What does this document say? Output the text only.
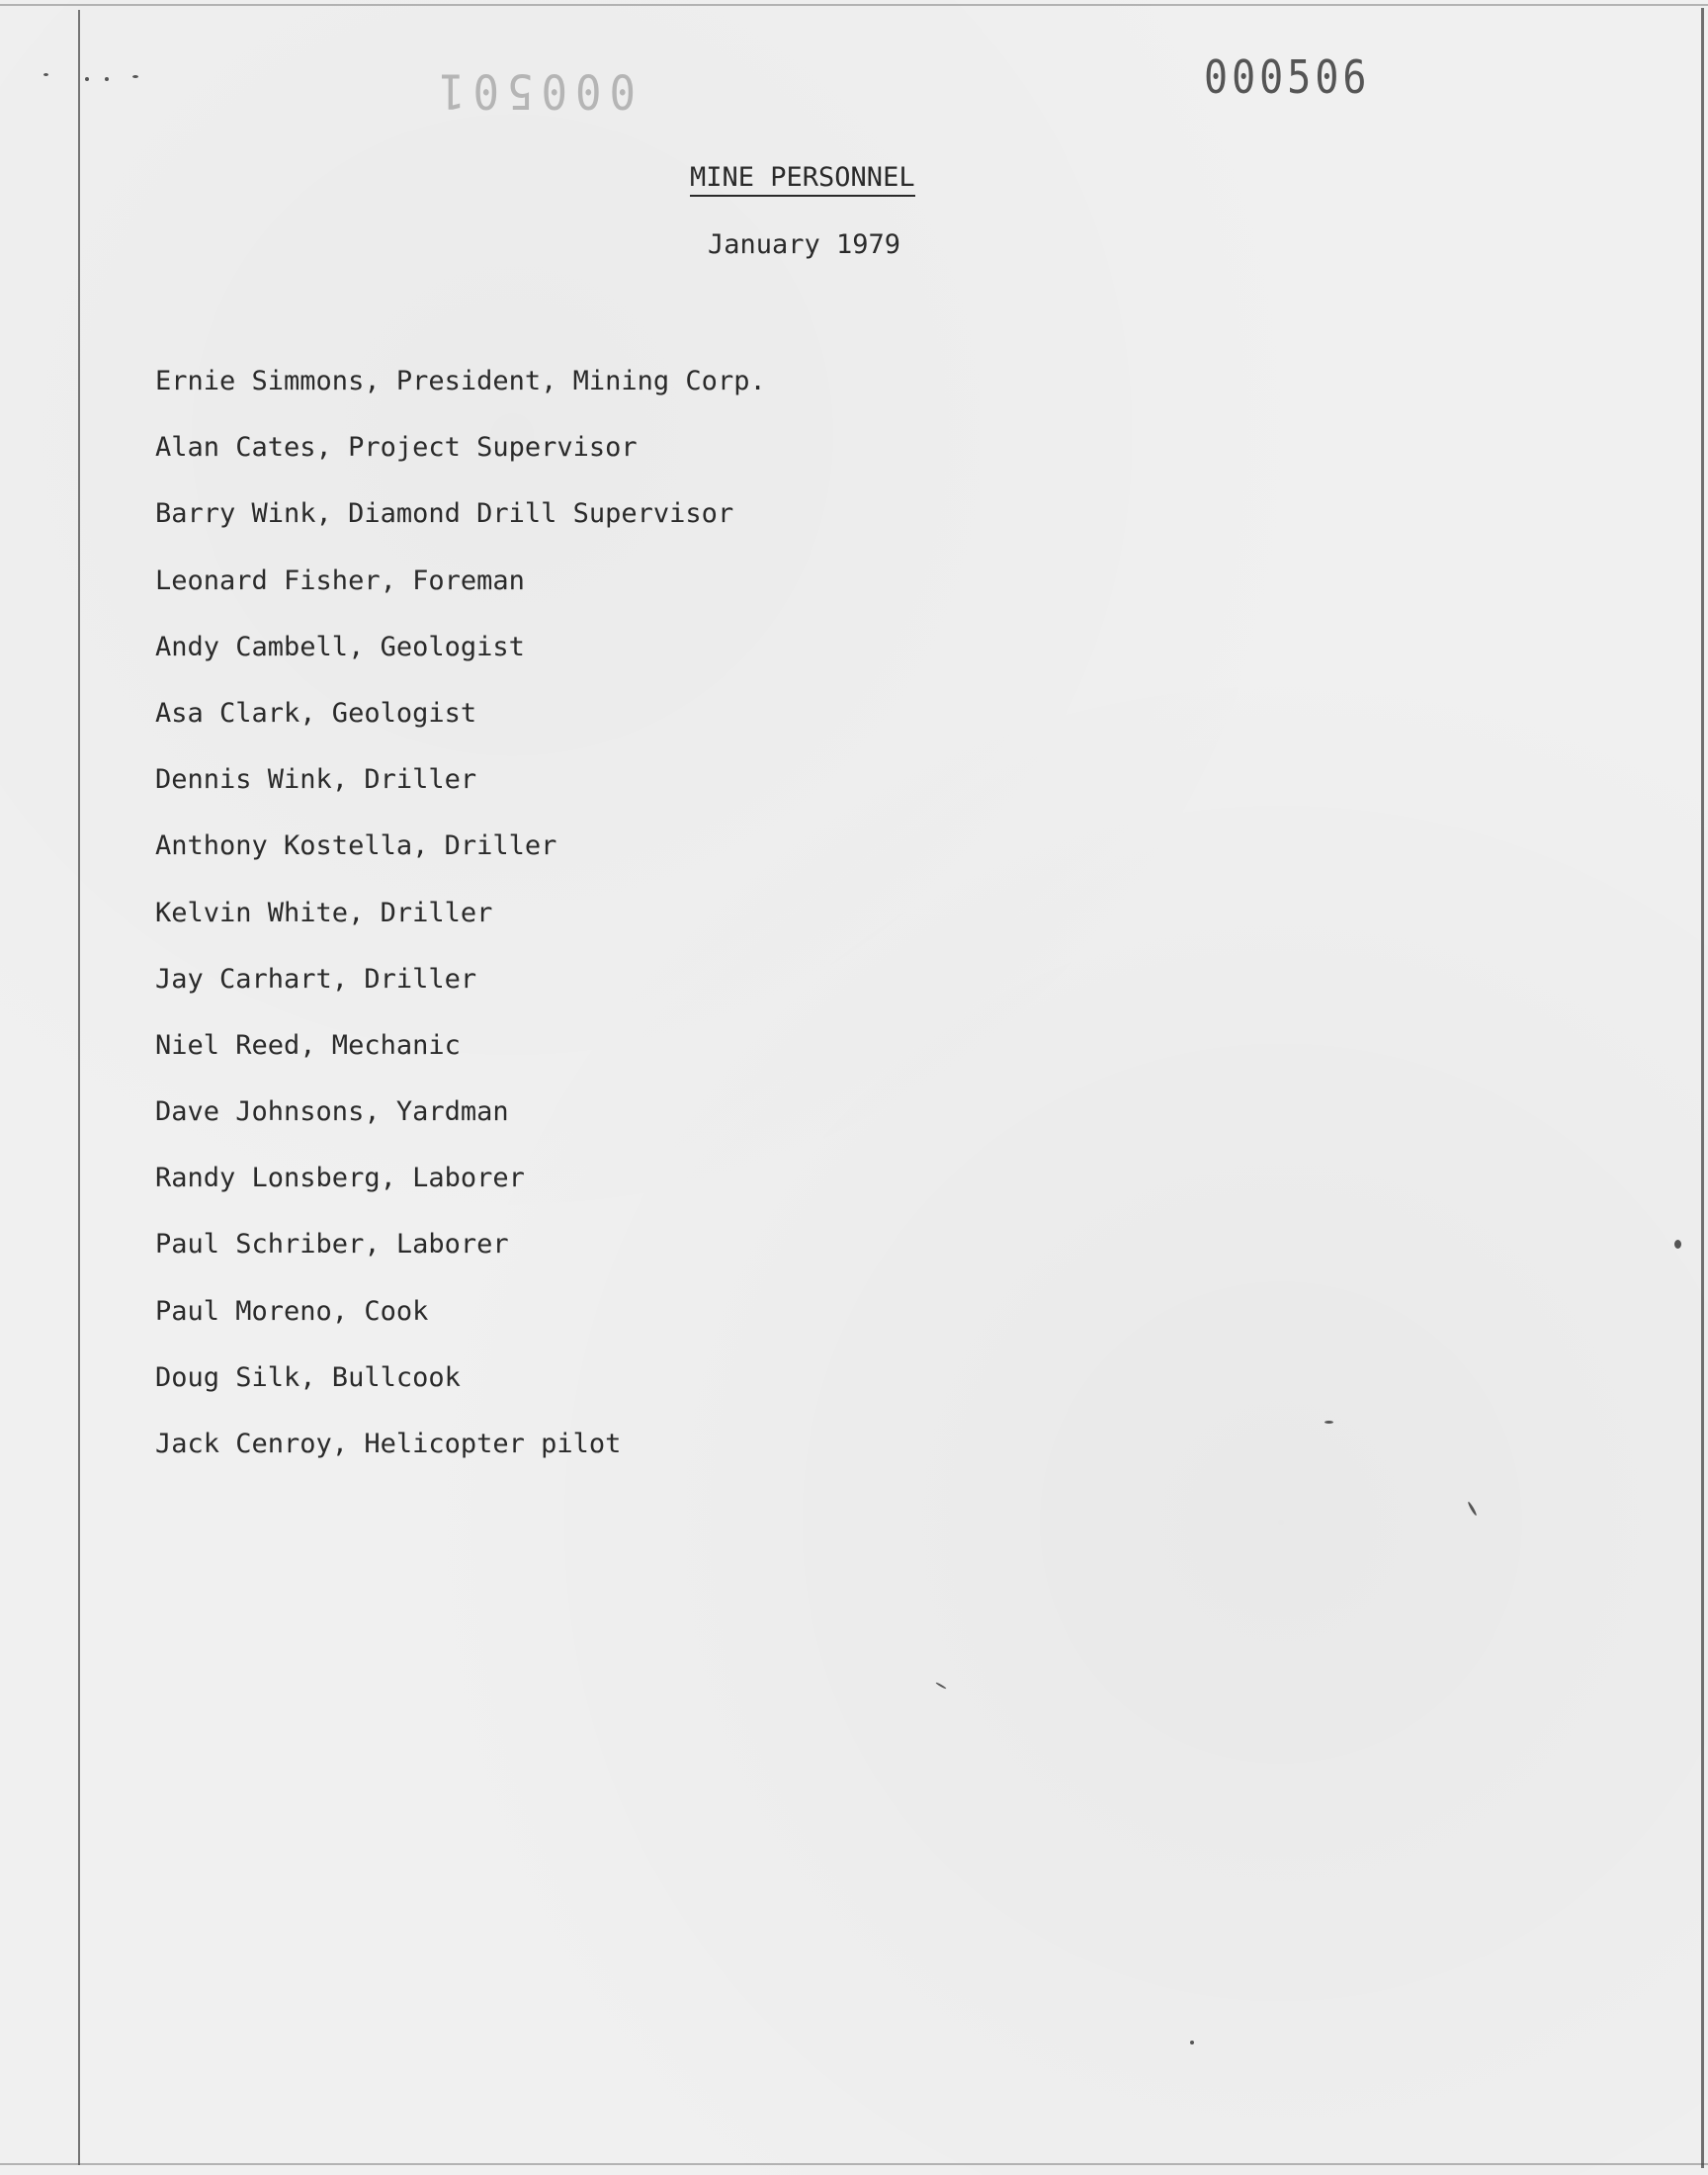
000501	000506
MINE PERSONNEL
January 1979
Ernie Simmons, President, Mining Corp.
Alan Cates, Project Supervisor
Barry Wink, Diamond Drill Supervisor
Leonard Fisher, Foreman
Andy Cambell, Geologist
Asa Clark, Geologist
Dennis Wink, Driller
Anthony Kostella, Driller
Kelvin White, Driller
Jay Carhart, Driller
Niel Reed, Mechanic
Dave Johnsons, Yardman
Randy Lonsberg, Laborer
Paul Schriber, Laborer
Paul Moreno, Cook
Doug Silk, Bullcook
Jack Cenroy, Helicopter pilot
